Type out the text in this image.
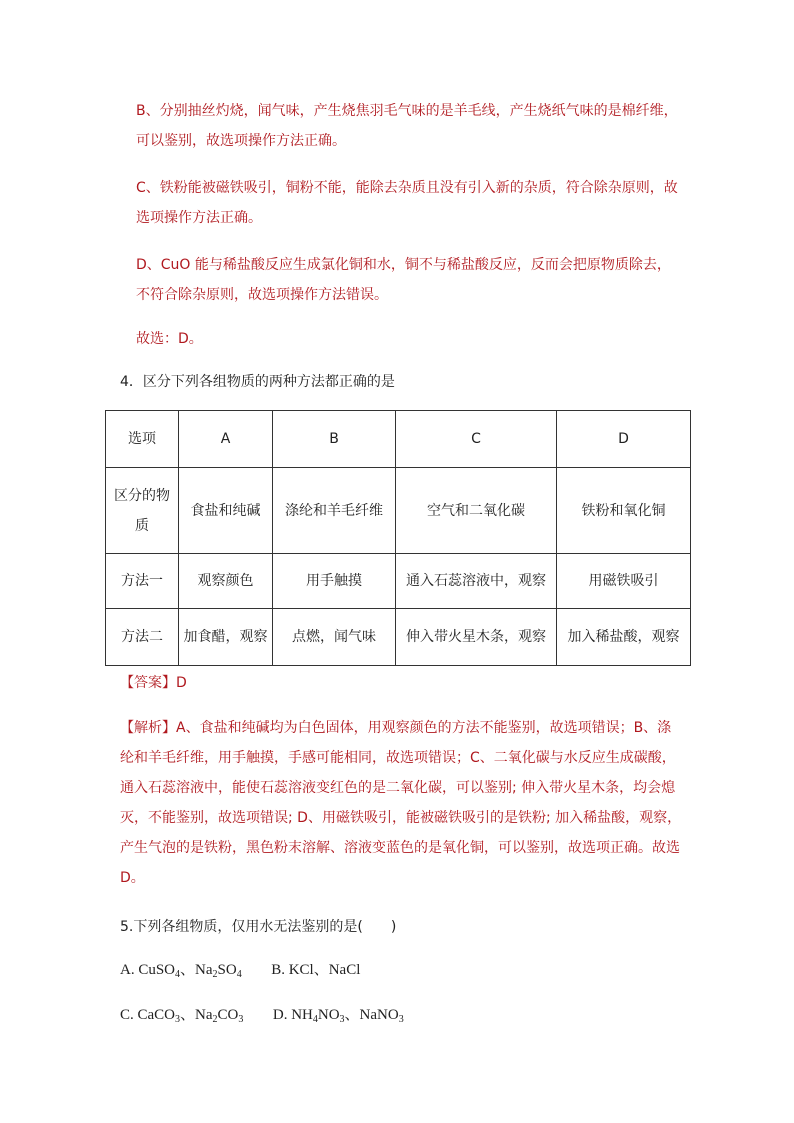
B、分别抽丝灼烧，闻气味，产生烧焦羽毛气味的是羊毛线，产生烧纸气味的是棉纤维，可以鉴别，故选项操作方法正确。

C、铁粉能被磁铁吸引，铜粉不能，能除去杂质且没有引入新的杂质，符合除杂原则，故选项操作方法正确。

D、CuO 能与稀盐酸反应生成氯化铜和水，铜不与稀盐酸反应，反而会把原物质除去，不符合除杂原则，故选项操作方法错误。

故选：D。

4．区分下列各组物质的两种方法都正确的是

选项	A	B	C	D
区分的物质	食盐和纯碱	涤纶和羊毛纤维	空气和二氧化碳	铁粉和氧化铜
方法一	观察颜色	用手触摸	通入石蕊溶液中，观察	用磁铁吸引
方法二	加食醋，观察	点燃，闻气味	伸入带火星木条，观察	加入稀盐酸，观察

【答案】D

【解析】A、食盐和纯碱均为白色固体，用观察颜色的方法不能鉴别，故选项错误；B、涤纶和羊毛纤维，用手触摸，手感可能相同，故选项错误；C、二氧化碳与水反应生成碳酸，通入石蕊溶液中，能使石蕊溶液变红色的是二氧化碳，可以鉴别; 伸入带火星木条，均会熄灭，不能鉴别，故选项错误; D、用磁铁吸引，能被磁铁吸引的是铁粉; 加入稀盐酸，观察，产生气泡的是铁粉，黑色粉末溶解、溶液变蓝色的是氧化铜，可以鉴别，故选项正确。故选D。

5.下列各组物质，仅用水无法鉴别的是(　　)

A. CuSO$_4$、$Na_2SO_4$ B. KCl、NaCl

C. CaCO$_3$、$Na_2CO_3$ D. $NH_4NO_3$、NaNO$_3$
